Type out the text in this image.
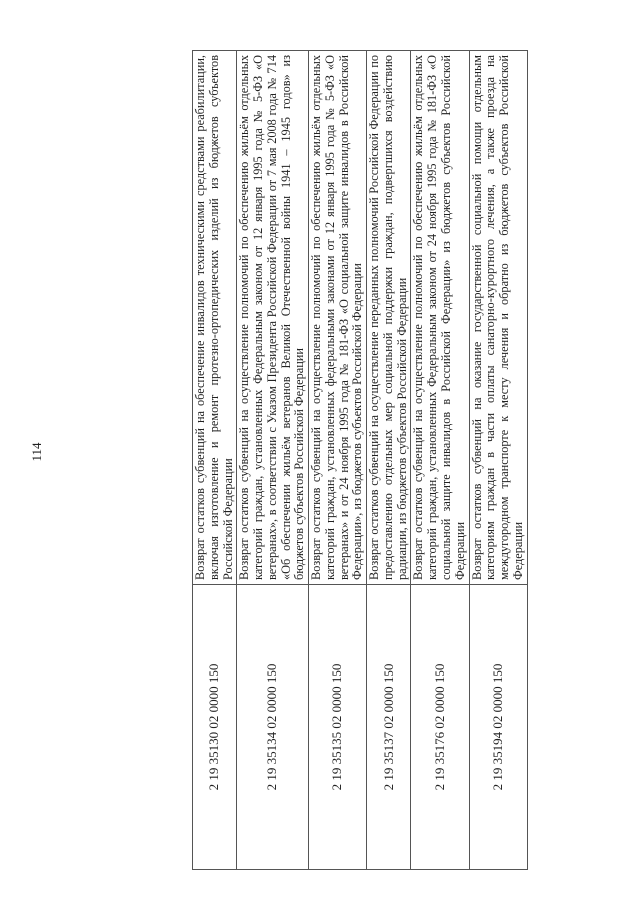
114
2 19 35130 02 0000 150	Возврат остатков субвенций на обеспечение инвалидов техническими средствами реабилитации, включая изготовление и ремонт протезно-ортопедических изделий из бюджетов субъектов Российской Федерации
2 19 35134 02 0000 150	Возврат остатков субвенций на осуществление полномочий по обеспечению жильём отдельных категорий граждан, установленных Федеральным законом от 12 января 1995 года № 5-ФЗ «О ветеранах», в соответствии с Указом Президента Российской Федерации от 7 мая 2008 года № 714 «Об обеспечении жильём ветеранов Великой Отечественной войны 1941 – 1945 годов» из бюджетов субъектов Российской Федерации
2 19 35135 02 0000 150	Возврат остатков субвенций на осуществление полномочий по обеспечению жильём отдельных категорий граждан, установленных федеральными законами от 12 января 1995 года № 5-ФЗ «О ветеранах» и от 24 ноября 1995 года № 181-ФЗ «О социальной защите инвалидов в Российской Федерации», из бюджетов субъектов Российской Федерации
2 19 35137 02 0000 150	Возврат остатков субвенций на осуществление переданных полномочий Российской Федерации по предоставлению отдельных мер социальной поддержки граждан, подвергшихся воздействию радиации, из бюджетов субъектов Российской Федерации
2 19 35176 02 0000 150	Возврат остатков субвенций на осуществление полномочий по обеспечению жильём отдельных категорий граждан, установленных Федеральным законом от 24 ноября 1995 года № 181-ФЗ «О социальной защите инвалидов в Российской Федерации» из бюджетов субъектов Российской Федерации
2 19 35194 02 0000 150	Возврат остатков субвенций на оказание государственной социальной помощи отдельным категориям граждан в части оплаты санаторно-курортного лечения, а также проезда на междугородном транспорте к месту лечения и обратно из бюджетов субъектов Российской Федерации
